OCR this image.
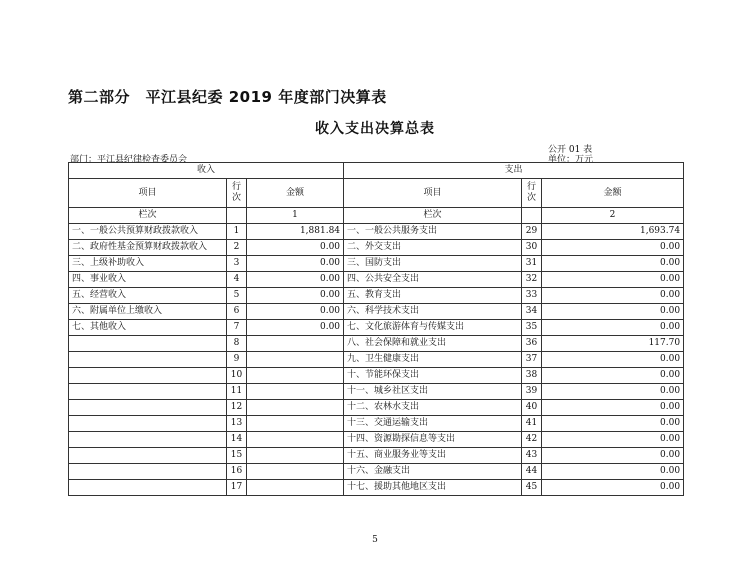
第二部分　平江县纪委 2019 年度部门决算表
收入支出决算总表
公开 01 表
部门：平江县纪律检查委员会	单位：万元
收入			支出		
项目	行次	金额	项目	行次	金额
栏次		1	栏次		2
一、一般公共预算财政拨款收入	1	1,881.84	一、一般公共服务支出	29	1,693.74
二、政府性基金预算财政拨款收入	2	0.00	二、外交支出	30	0.00
三、上级补助收入	3	0.00	三、国防支出	31	0.00
四、事业收入	4	0.00	四、公共安全支出	32	0.00
五、经营收入	5	0.00	五、教育支出	33	0.00
六、附属单位上缴收入	6	0.00	六、科学技术支出	34	0.00
七、其他收入	7	0.00	七、文化旅游体育与传媒支出	35	0.00
	8		八、社会保障和就业支出	36	117.70
	9		九、卫生健康支出	37	0.00
	10		十、节能环保支出	38	0.00
	11		十一、城乡社区支出	39	0.00
	12		十二、农林水支出	40	0.00
	13		十三、交通运输支出	41	0.00
	14		十四、资源勘探信息等支出	42	0.00
	15		十五、商业服务业等支出	43	0.00
	16		十六、金融支出	44	0.00
	17		十七、援助其他地区支出	45	0.00
5
